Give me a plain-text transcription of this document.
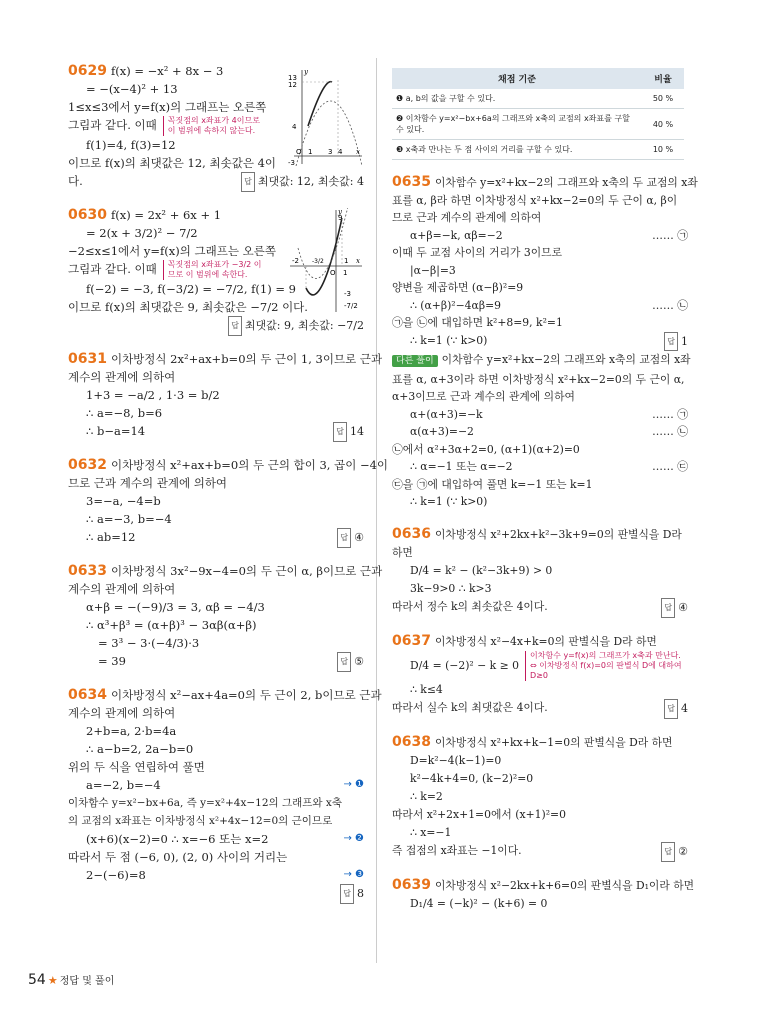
0629 f(x) = −x² + 8x − 3
= −(x−4)² + 13
1≤x≤3에서 y=f(x)의 그래프는 오른쪽
그림과 같다. 이때 꼭짓점의 x좌표가 4이므로 이 범위에 속하지 않는다.
f(1)=4, f(3)=12
이므로 f(x)의 최댓값은 12, 최솟값은 4이
다.	답 최댓값: 12, 최솟값: 4
13
12
4
-3
O 1 3 4
y
x
0630 f(x) = 2x² + 6x + 1
= 2(x + 3/2)² − 7/2
−2≤x≤1에서 y=f(x)의 그래프는 오른쪽
그림과 같다. 이때 꼭짓점의 x좌표가 −3/2 이므로 이 범위에 속한다.
f(−2) = −3, f(−3/2) = −7/2, f(1) = 9
이므로 f(x)의 최댓값은 9, 최솟값은 −7/2 이다.
답 최댓값: 9, 최솟값: −7/2
9
1
-3
-7/2
-2 -3/2
O 1
y
x
0631 이차방정식 2x²+ax+b=0의 두 근이 1, 3이므로 근과
계수의 관계에 의하여
1+3 = −a/2 , 1·3 = b/2
∴ a=−8, b=6
∴ b−a=14	답 14
0632 이차방정식 x²+ax+b=0의 두 근의 합이 3, 곱이 −4이
므로 근과 계수의 관계에 의하여
3=−a, −4=b
∴ a=−3, b=−4
∴ ab=12	답 ④
0633 이차방정식 3x²−9x−4=0의 두 근이 α, β이므로 근과
계수의 관계에 의하여
α+β = −(−9)/3 = 3, αβ = −4/3
∴ α³+β³ = (α+β)³ − 3αβ(α+β)
= 3³ − 3·(−4/3)·3
= 39	답 ⑤
0634 이차방정식 x²−ax+4a=0의 두 근이 2, b이므로 근과
계수의 관계에 의하여
2+b=a, 2·b=4a
∴ a−b=2, 2a−b=0
위의 두 식을 연립하여 풀면
a=−2, b=−4	→ ❶
이차함수 y=x²−bx+6a, 즉 y=x²+4x−12의 그래프와 x축
의 교점의 x좌표는 이차방정식 x²+4x−12=0의 근이므로
(x+6)(x−2)=0 ∴ x=−6 또는 x=2	→ ❷
따라서 두 점 (−6, 0), (2, 0) 사이의 거리는
2−(−6)=8	→ ❸
답 8
채점 기준	비율
❶ a, b의 값을 구할 수 있다.	50 %
❷ 이차함수 y=x²−bx+6a의 그래프와 x축의 교점의 x좌표를 구할 수 있다.	40 %
❸ x축과 만나는 두 점 사이의 거리를 구할 수 있다.	10 %
0635 이차함수 y=x²+kx−2의 그래프와 x축의 두 교점의 x좌
표를 α, β라 하면 이차방정식 x²+kx−2=0의 두 근이 α, β이
므로 근과 계수의 관계에 의하여
α+β=−k, αβ=−2	…… ㉠
이때 두 교점 사이의 거리가 3이므로
|α−β|=3
양변을 제곱하면 (α−β)²=9
∴ (α+β)²−4αβ=9	…… ㉡
㉠을 ㉡에 대입하면 k²+8=9, k²=1
∴ k=1 (∵ k>0)	답 1
다른 풀이 이차함수 y=x²+kx−2의 그래프와 x축의 교점의 x좌
표를 α, α+3이라 하면 이차방정식 x²+kx−2=0의 두 근이 α,
α+3이므로 근과 계수의 관계에 의하여
α+(α+3)=−k	…… ㉠
α(α+3)=−2	…… ㉡
㉡에서 α²+3α+2=0, (α+1)(α+2)=0
∴ α=−1 또는 α=−2	…… ㉢
㉢을 ㉠에 대입하여 풀면 k=−1 또는 k=1
∴ k=1 (∵ k>0)
0636 이차방정식 x²+2kx+k²−3k+9=0의 판별식을 D라
하면
D/4 = k² − (k²−3k+9) > 0
3k−9>0 ∴ k>3
따라서 정수 k의 최솟값은 4이다.	답 ④
0637 이차방정식 x²−4x+k=0의 판별식을 D라 하면
D/4 = (−2)² − k ≥ 0이차함수 y=f(x)의 그래프가 x축과 만난다. ⇔ 이차방정식 f(x)=0의 판별식 D에 대하여 D≥0
∴ k≤4
따라서 실수 k의 최댓값은 4이다.	답 4
0638 이차방정식 x²+kx+k−1=0의 판별식을 D라 하면
D=k²−4(k−1)=0
k²−4k+4=0, (k−2)²=0
∴ k=2
따라서 x²+2x+1=0에서 (x+1)²=0
∴ x=−1
즉 접점의 x좌표는 −1이다.	답 ②
0639 이차방정식 x²−2kx+k+6=0의 판별식을 D₁이라 하면
D₁/4 = (−k)² − (k+6) = 0
54 ★ 정답 및 풀이
